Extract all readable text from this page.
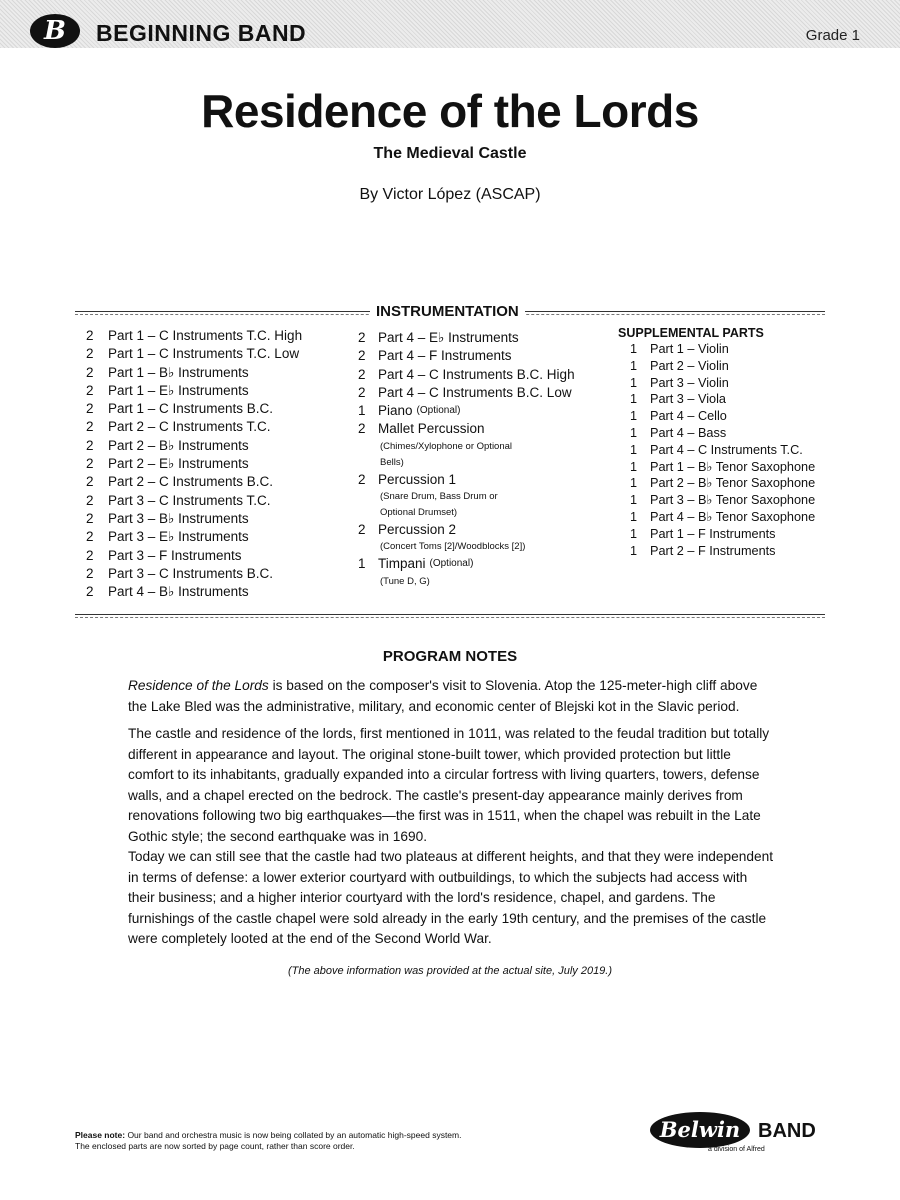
B	BEGINNING BAND	Grade 1
Residence of the Lords
The Medieval Castle
By Victor López (ASCAP)
INSTRUMENTATION
2	Part 1 – C Instruments T.C. High
2	Part 1 – C Instruments T.C. Low
2	Part 1 – B♭ Instruments
2	Part 1 – E♭ Instruments
2	Part 1 – C Instruments B.C.
2	Part 2 – C Instruments T.C.
2	Part 2 – B♭ Instruments
2	Part 2 – E♭ Instruments
2	Part 2 – C Instruments B.C.
2	Part 3 – C Instruments T.C.
2	Part 3 – B♭ Instruments
2	Part 3 – E♭ Instruments
2	Part 3 – F Instruments
2	Part 3 – C Instruments B.C.
2	Part 4 – B♭ Instruments
2 Part 4 – E♭ Instruments
2 Part 4 – F Instruments
2 Part 4 – C Instruments B.C. High
2 Part 4 – C Instruments B.C. Low
1 Piano (Optional)
2 Mallet Percussion
(Chimes/Xylophone or Optional
Bells)
2 Percussion 1
(Snare Drum, Bass Drum or
Optional Drumset)
2 Percussion 2
(Concert Toms [2]/Woodblocks [2])
1 Timpani (Optional)
(Tune D, G)
SUPPLEMENTAL PARTS
1	Part 1 – Violin
1	Part 2 – Violin
1	Part 3 – Violin
1	Part 3 – Viola
1	Part 4 – Cello
1	Part 4 – Bass
1	Part 4 – C Instruments T.C.
1	Part 1 – B♭ Tenor Saxophone
1	Part 2 – B♭ Tenor Saxophone
1	Part 3 – B♭ Tenor Saxophone
1	Part 4 – B♭ Tenor Saxophone
1	Part 1 – F Instruments
1	Part 2 – F Instruments
PROGRAM NOTES
Residence of the Lords is based on the composer's visit to Slovenia. Atop the 125-meter-high cliff above the Lake Bled was the administrative, military, and economic center of Blejski kot in the Slavic period.
The castle and residence of the lords, first mentioned in 1011, was related to the feudal tradition but totally different in appearance and layout. The original stone-built tower, which provided protection but little comfort to its inhabitants, gradually expanded into a circular fortress with living quarters, towers, defense walls, and a chapel erected on the bedrock. The castle's present-day appearance mainly derives from renovations following two big earthquakes—the first was in 1511, when the chapel was rebuilt in the Late Gothic style; the second earthquake was in 1690.
Today we can still see that the castle had two plateaus at different heights, and that they were independent in terms of defense: a lower exterior courtyard with outbuildings, to which the subjects had access with their business; and a higher interior courtyard with the lord's residence, chapel, and gardens. The furnishings of the castle chapel were sold already in the early 19th century, and the premises of the castle were completely looted at the end of the Second World War.
(The above information was provided at the actual site, July 2019.)
Please note: Our band and orchestra music is now being collated by an automatic high-speed system.
The enclosed parts are now sorted by page count, rather than score order.
Belwin BAND
a division of Alfred
